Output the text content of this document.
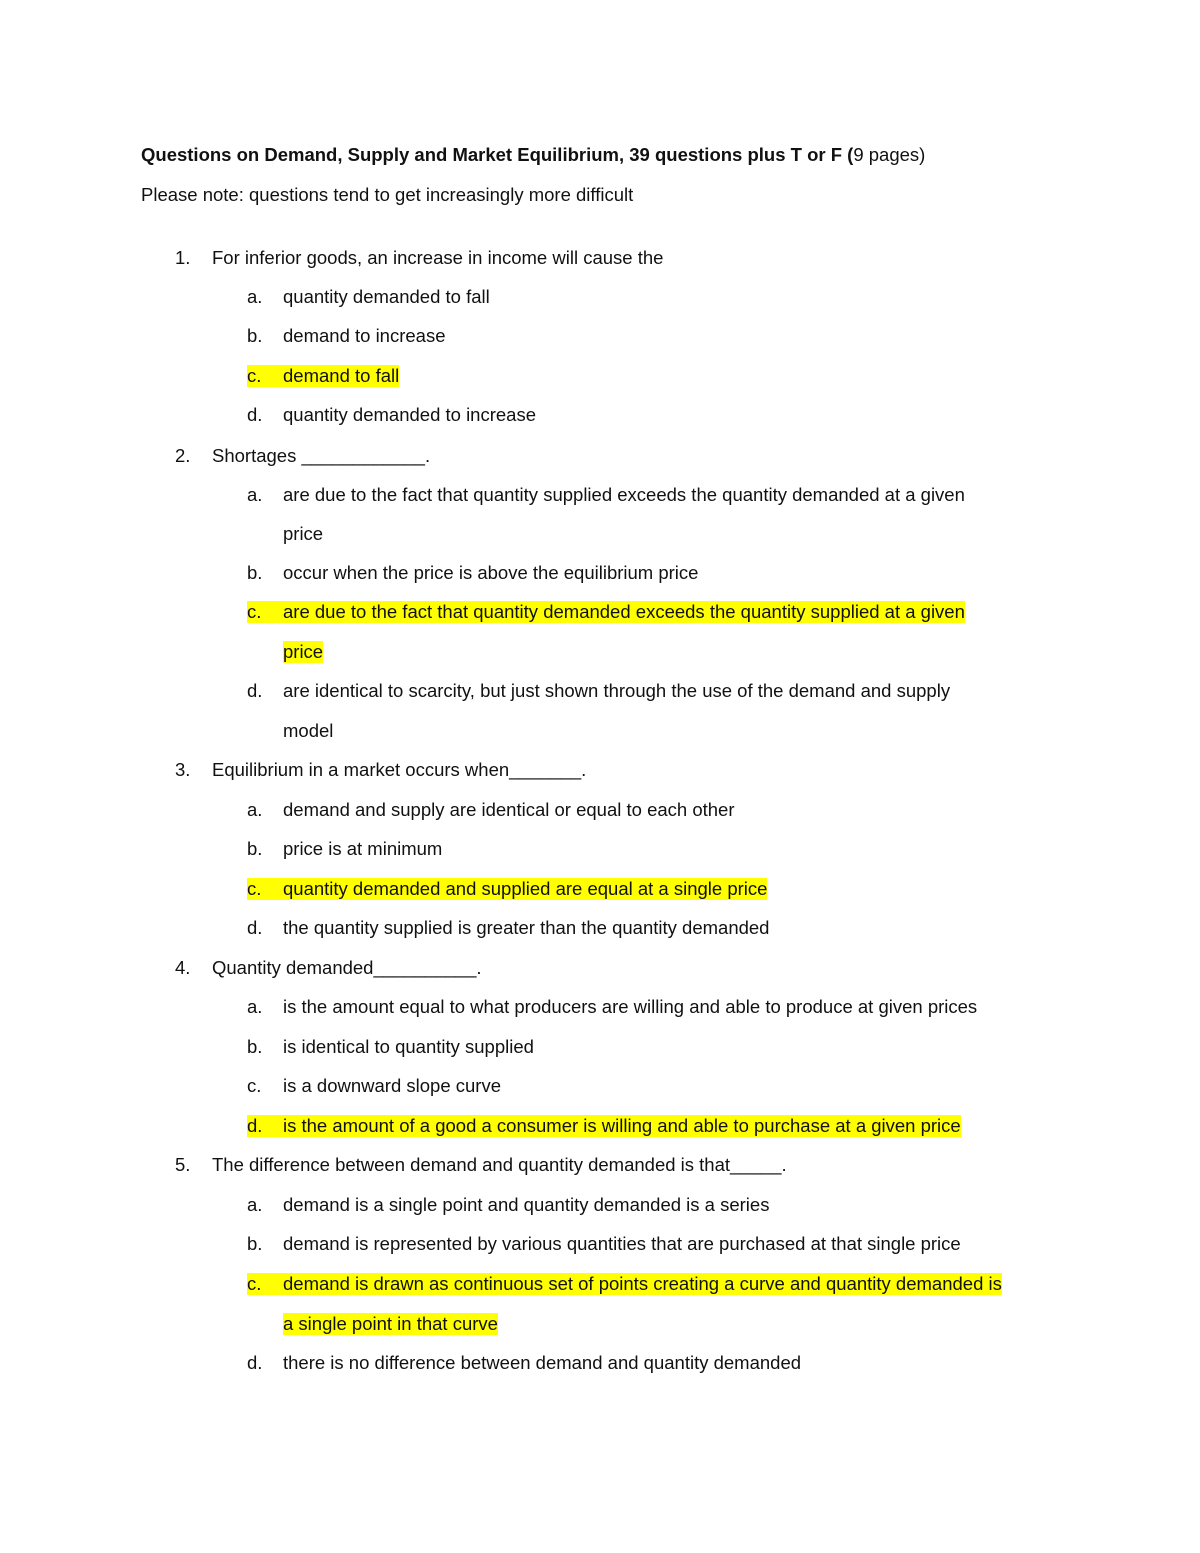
Questions on Demand, Supply and Market Equilibrium, 39 questions plus T or F (9 pages)
Please note: questions tend to get increasingly more difficult
1. For inferior goods, an increase in income will cause the
a. quantity demanded to fall
b. demand to increase
c.	demand to fall
d. quantity demanded to increase
2. Shortages ____________.
a. are due to the fact that quantity supplied exceeds the quantity demanded at a given
price
b. occur when the price is above the equilibrium price
c.	are due to the fact that quantity demanded exceeds the quantity supplied at a given
price
d. are identical to scarcity, but just shown through the use of the demand and supply
model
3. Equilibrium in a market occurs when_______.
a. demand and supply are identical or equal to each other
b. price is at minimum
c.	quantity demanded and supplied are equal at a single price
d. the quantity supplied is greater than the quantity demanded
4. Quantity demanded__________.
a. is the amount equal to what producers are willing and able to produce at given prices
b. is identical to quantity supplied
c. is a downward slope curve
d.	is the amount of a good a consumer is willing and able to purchase at a given price
5. The difference between demand and quantity demanded is that_____.
a. demand is a single point and quantity demanded is a series
b. demand is represented by various quantities that are purchased at that single price
c.	demand is drawn as continuous set of points creating a curve and quantity demanded is
a single point in that curve
d. there is no difference between demand and quantity demanded
